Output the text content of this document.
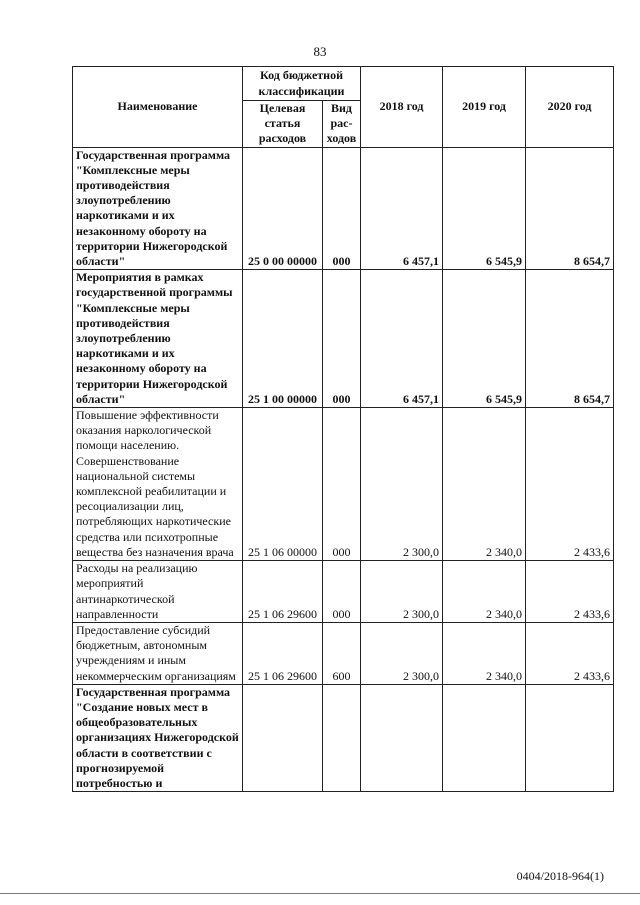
83
Наименование	Код бюджетной классификации		2018 год	2019 год	2020 год
	Целевая статья расходов	Вид рас-ходов			
Государственная программа "Комплексные меры противодействия злоупотреблению наркотиками и их незаконному обороту на территории Нижегородской области"	25 0 00 00000	000	6 457,1	6 545,9	8 654,7
Мероприятия в рамках государственной программы "Комплексные меры противодействия злоупотреблению наркотиками и их незаконному обороту на территории Нижегородской области"	25 1 00 00000	000	6 457,1	6 545,9	8 654,7
Повышение эффективности оказания наркологической помощи населению. Совершенствование национальной системы комплексной реабилитации и ресоциализации лиц, потребляющих наркотические средства или психотропные вещества без назначения врача	25 1 06 00000	000	2 300,0	2 340,0	2 433,6
Расходы на реализацию мероприятий антинаркотической направленности	25 1 06 29600	000	2 300,0	2 340,0	2 433,6
Предоставление субсидий бюджетным, автономным учреждениям и иным некоммерческим организациям	25 1 06 29600	600	2 300,0	2 340,0	2 433,6
Государственная программа "Создание новых мест в общеобразовательных организациях Нижегородской области в соответствии с прогнозируемой потребностью и					
0404/2018-964(1)
